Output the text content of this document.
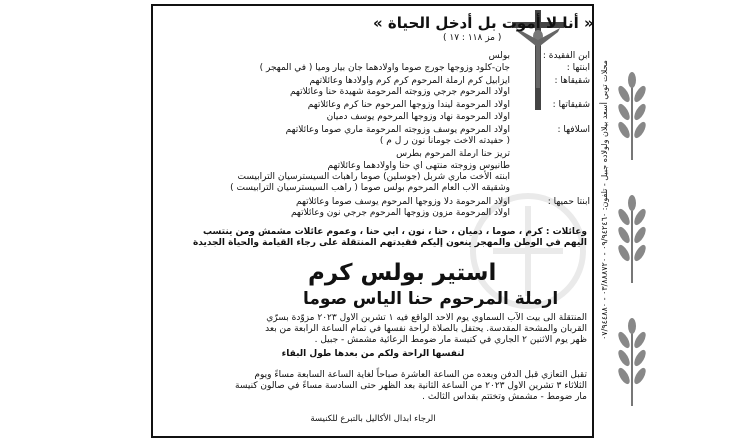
« أنا لا أموت بل أدخل الحياة »
( مز ١١٨ : ١٧ )
ابن الفقيدة :
بولس
ابنتها :
جان-كلود وزوجها جورج صوما واولادهما جان بيار وميا ( في المهجر )
شقيقاها :
ايزابيل كرم ارملة المرحوم كرم كرم واولادها وعائلاتهم
اولاد المرحوم جرجي وزوجته المرحومة شهيدة حنا وعائلاتهم
شقيقاتها :
اولاد المرحومة ليندا وزوجها المرحوم حنا كرم وعائلاتهم
اولاد المرحومة نهاد وزوجها المرحوم يوسف دميان
اسلافها :
اولاد المرحوم يوسف وزوجته المرحومة ماري صوما وعائلاتهم
( حفيدته الاخت جومانا نون ر ل م )
تريز حنا ارملة المرحوم بطرس
طانيوس وزوجته منتهى اي حنا واولادهما وعائلاتهم
ابنته الأخت ماري شربل (جوسلين) صوما راهبات السيسترسيان الترابيست
وشقيقه الاب العام المرحوم بولس صوما ( راهب السيسترسيان الترابيست )
ابنتا حميها :
اولاد المرحومة دلا وزوجها المرحوم يوسف صوما وعائلاتهم
اولاد المرحومة مزون وزوجها المرحوم جرجي نون وعائلاتهم
وعائلات : كرم ، صوما ، دميان ، حنا ، نون ، ابي حنا ، وعموم عائلات مشمش ومن ينتسب
اليهم في الوطن والمهجر ينعون إليكم فقيدتهم المنتقلة على رجاء القيامة والحياة الجديدة
استير بولس كرم
ارملة المرحوم حنا الياس صوما
المنتقلة الى بيت الآب السماوي يوم الاحد الواقع فيه ١ تشرين الاول ٢٠٢٣ مزوّدة بسرّي
القربان والمشحة المقدسة. يحتفل بالصلاة لراحة نفسها في تمام الساعة الرابعة من بعد
ظهر يوم الاثنين ٢ الجاري في كنيسة مار ضومط الرعائية مشمش - جبيل .
لنفسها الراحة ولكم من بعدها طول البقاء
تقبل التعازي قبل الدفن وبعده من الساعة العاشرة صباحاً لغاية الساعة السابعة مساءً ويوم
الثلاثاء ٣ تشرين الاول ٢٠٢٣ من الساعة الثانية بعد الظهر حتى السادسة مساءً في صالون كنيسة
مار ضومط - مشمش وتختتم بقداس الثالث .
الرجاء ابدال الأكاليل بالتبرع للكنيسة
محلات توبي أسعد بيلان ولولاده جبيل - تلفون: ٠٩/٩٤٢٤٦٠ - ٠٣/٨٨٨٧٢٠ - ٠٧/٩٤٤٨٨٠
